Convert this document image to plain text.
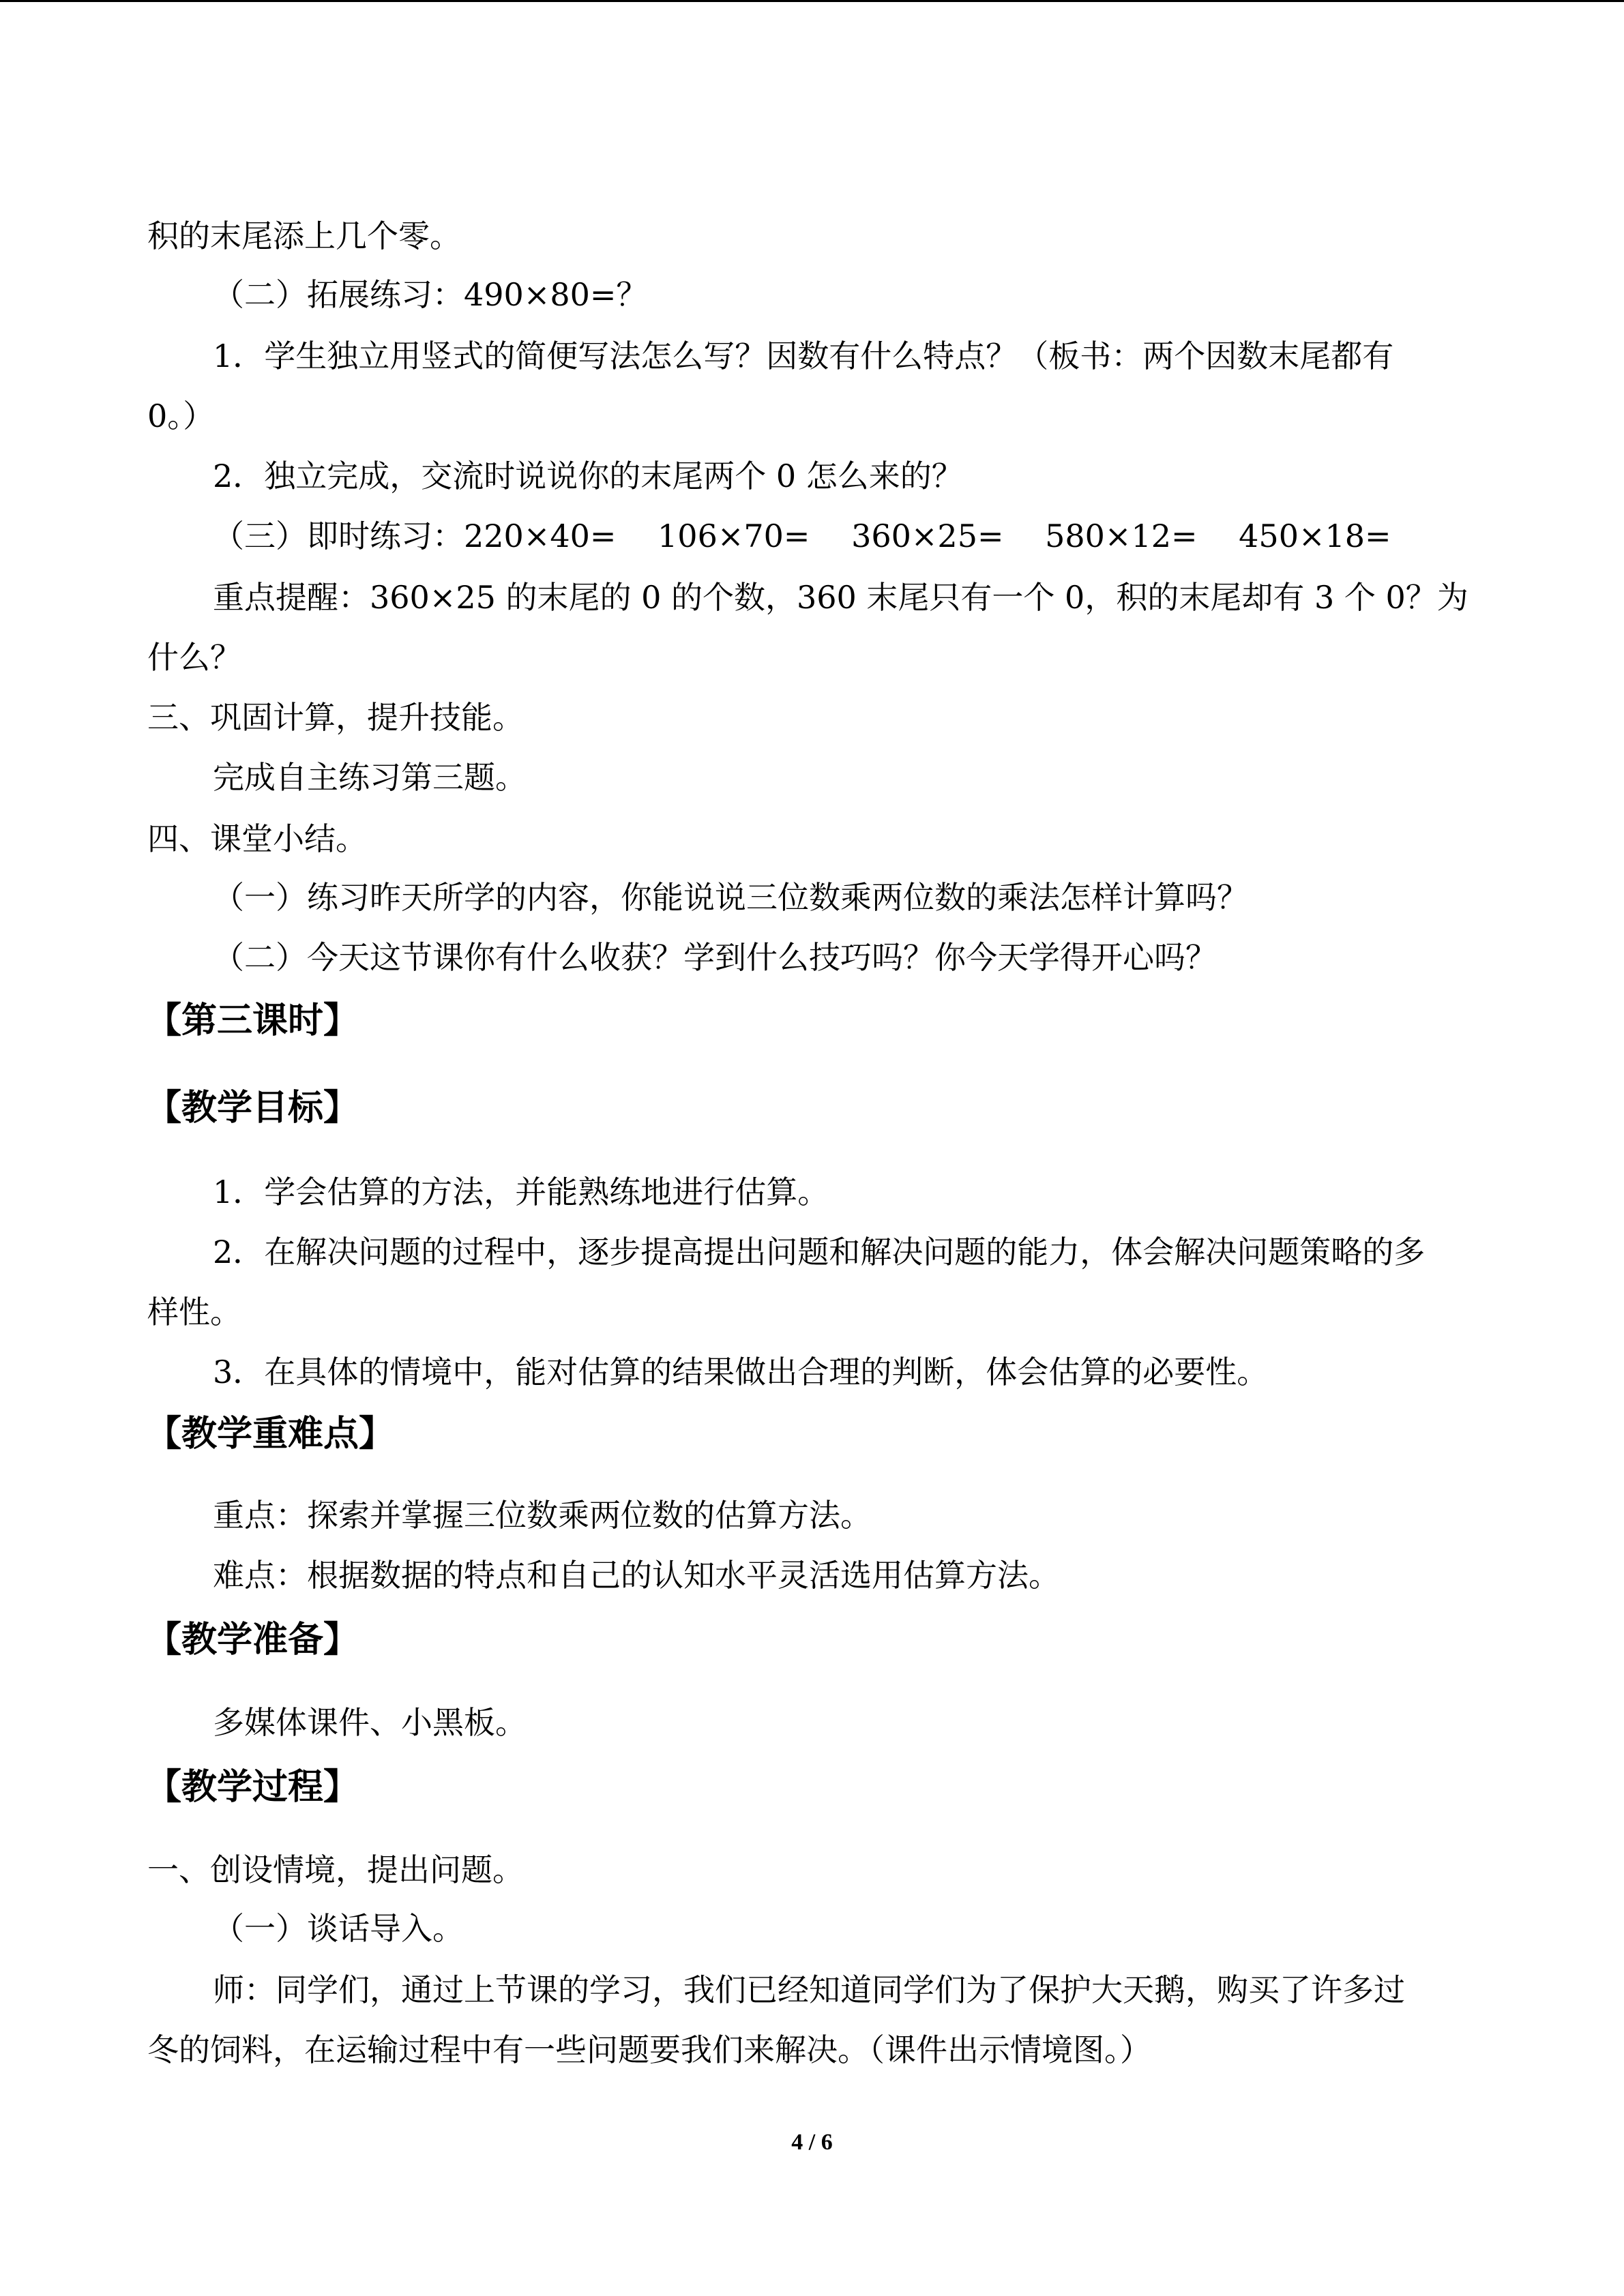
积的末尾添上几个零。
（二）拓展练习：490×80=？
1．学生独立用竖式的简便写法怎么写？因数有什么特点？（板书：两个因数末尾都有
0。）
2．独立完成，交流时说说你的末尾两个 0 怎么来的？
（三）即时练习：220×40=　 106×70=　 360×25=　 580×12=　 450×18=
重点提醒：360×25 的末尾的 0 的个数，360 末尾只有一个 0，积的末尾却有 3 个 0？为
什么？
三、巩固计算，提升技能。
完成自主练习第三题。
四、课堂小结。
（一）练习昨天所学的内容，你能说说三位数乘两位数的乘法怎样计算吗？
（二）今天这节课你有什么收获？学到什么技巧吗？你今天学得开心吗？
【第三课时】
【教学目标】
1．学会估算的方法，并能熟练地进行估算。
2．在解决问题的过程中，逐步提高提出问题和解决问题的能力，体会解决问题策略的多
样性。
3．在具体的情境中，能对估算的结果做出合理的判断，体会估算的必要性。
【教学重难点】
重点：探索并掌握三位数乘两位数的估算方法。
难点：根据数据的特点和自己的认知水平灵活选用估算方法。
【教学准备】
多媒体课件、小黑板。
【教学过程】
一、创设情境，提出问题。
（一）谈话导入。
师：同学们，通过上节课的学习，我们已经知道同学们为了保护大天鹅，购买了许多过
冬的饲料，在运输过程中有一些问题要我们来解决。（课件出示情境图。）
4 / 6
